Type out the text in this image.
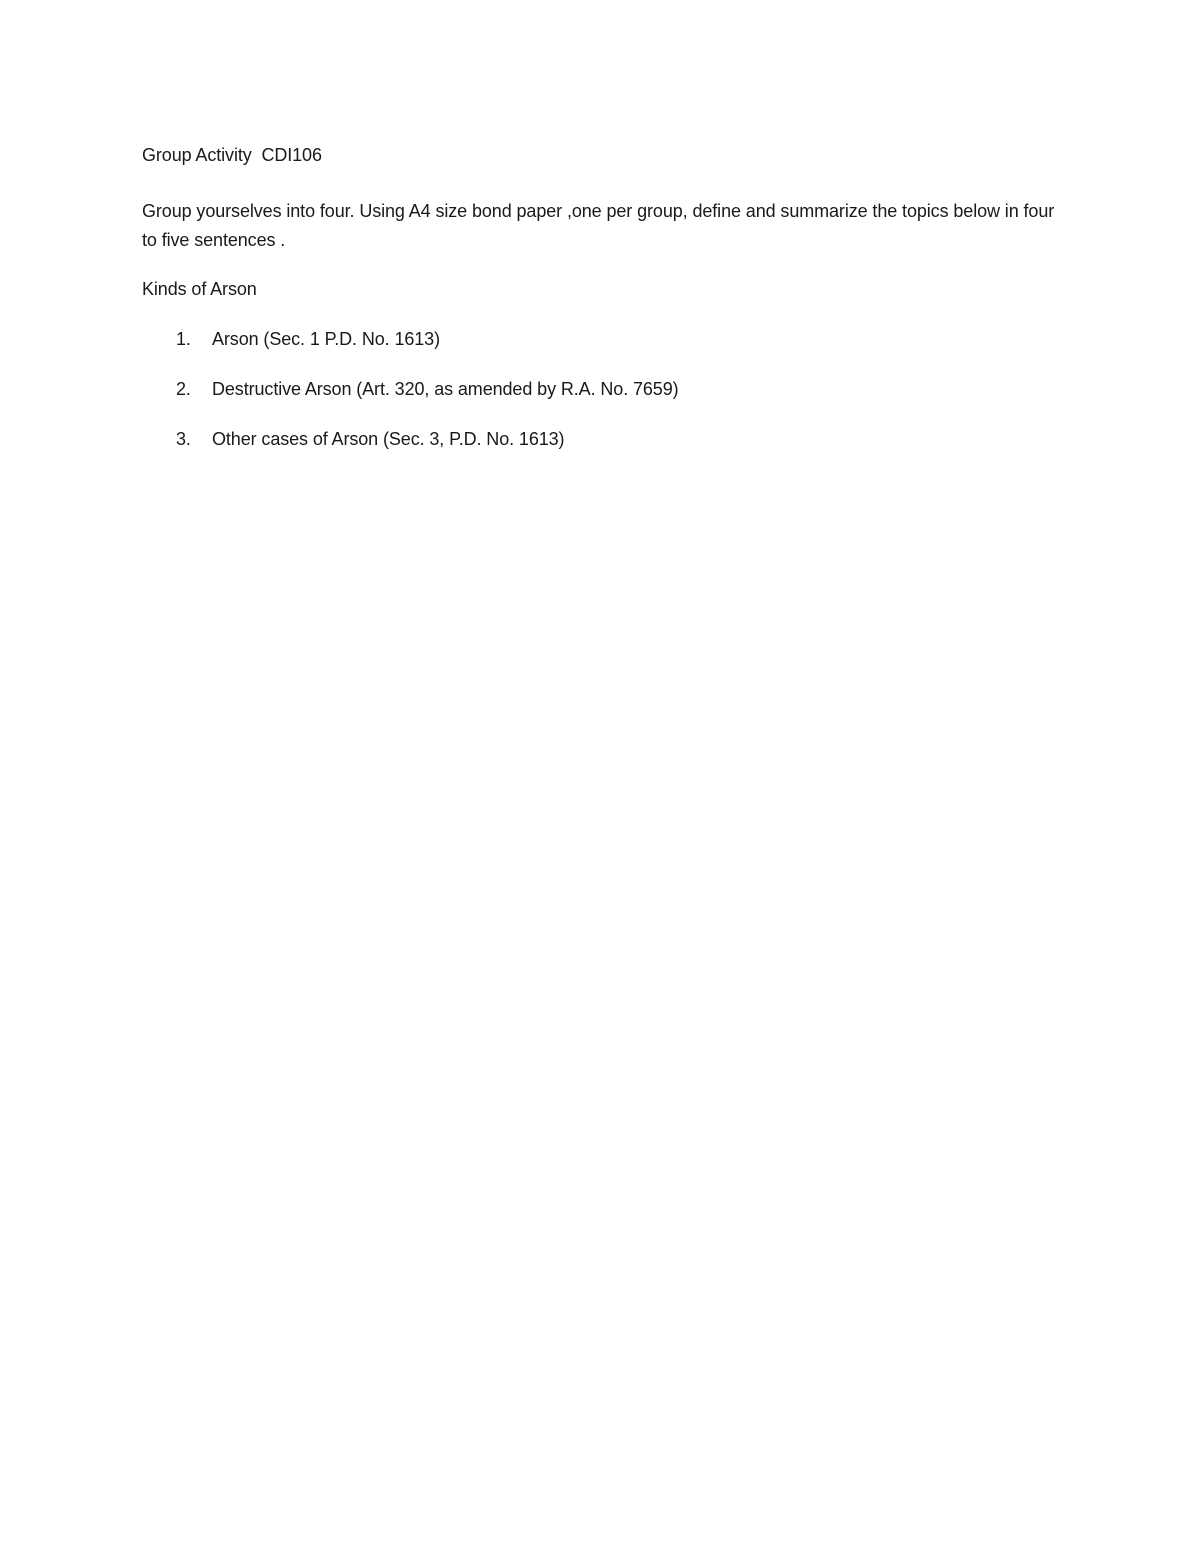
Group Activity  CDI106

Group yourselves into four. Using A4 size bond paper ,one per group, define and summarize the topics below in four to five sentences .

Kinds of Arson

1. Arson (Sec. 1 P.D. No. 1613)
2. Destructive Arson (Art. 320, as amended by R.A. No. 7659)
3. Other cases of Arson (Sec. 3, P.D. No. 1613)
